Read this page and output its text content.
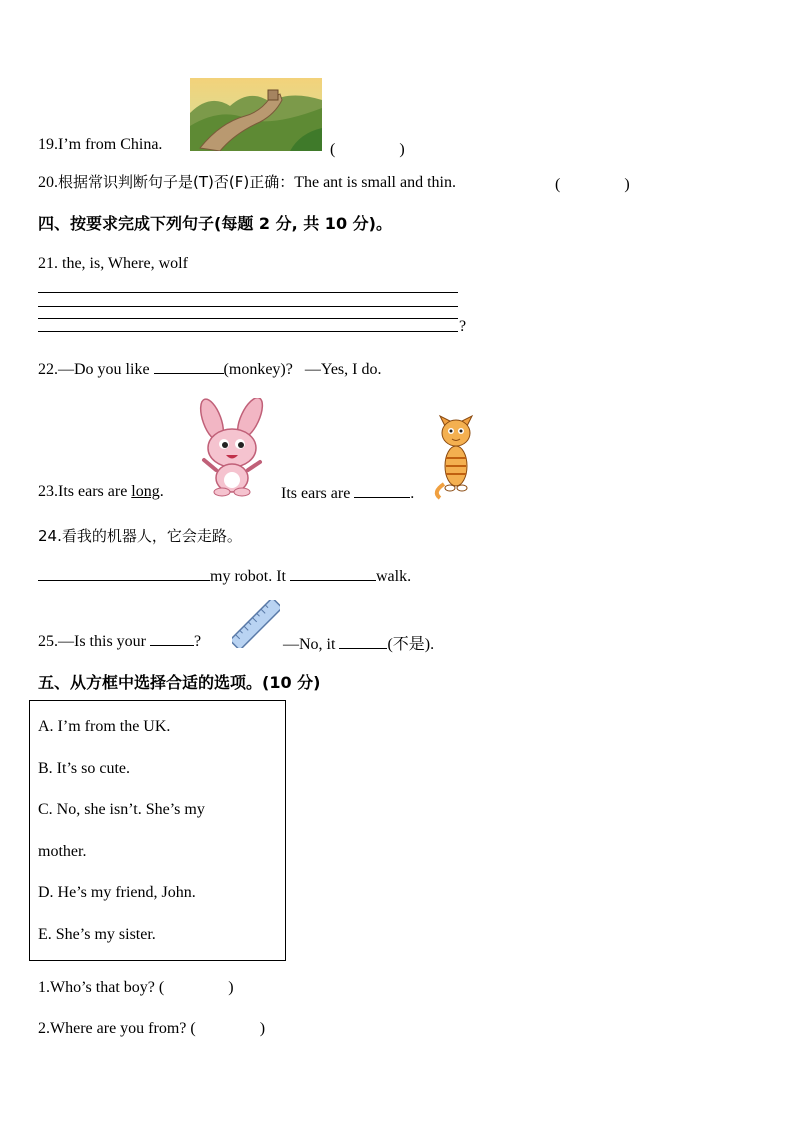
19.I’m from China.	(　　　　)
20.根据常识判断句子是(T)否(F)正确：The ant is small and thin.	(　　　　)
四、按要求完成下列句子(每题 2 分, 共 10 分)。
21. the, is, Where, wolf
?
22.—Do you like	(monkey)?   —Yes, I do.
23.Its ears are long.	Its ears are	.
24.看我的机器人，它会走路。
my robot. It	walk.
25.—Is this your	?	—No, it	(不是).
五、从方框中选择合适的选项。(10 分)
A. I’m from the UK.
B. It’s so cute.
C. No, she isn’t. She’s my
mother.
D. He’s my friend, John.
E. She’s my sister.
1.Who’s that boy? (　　　　)
2.Where are you from? (　　　　)
